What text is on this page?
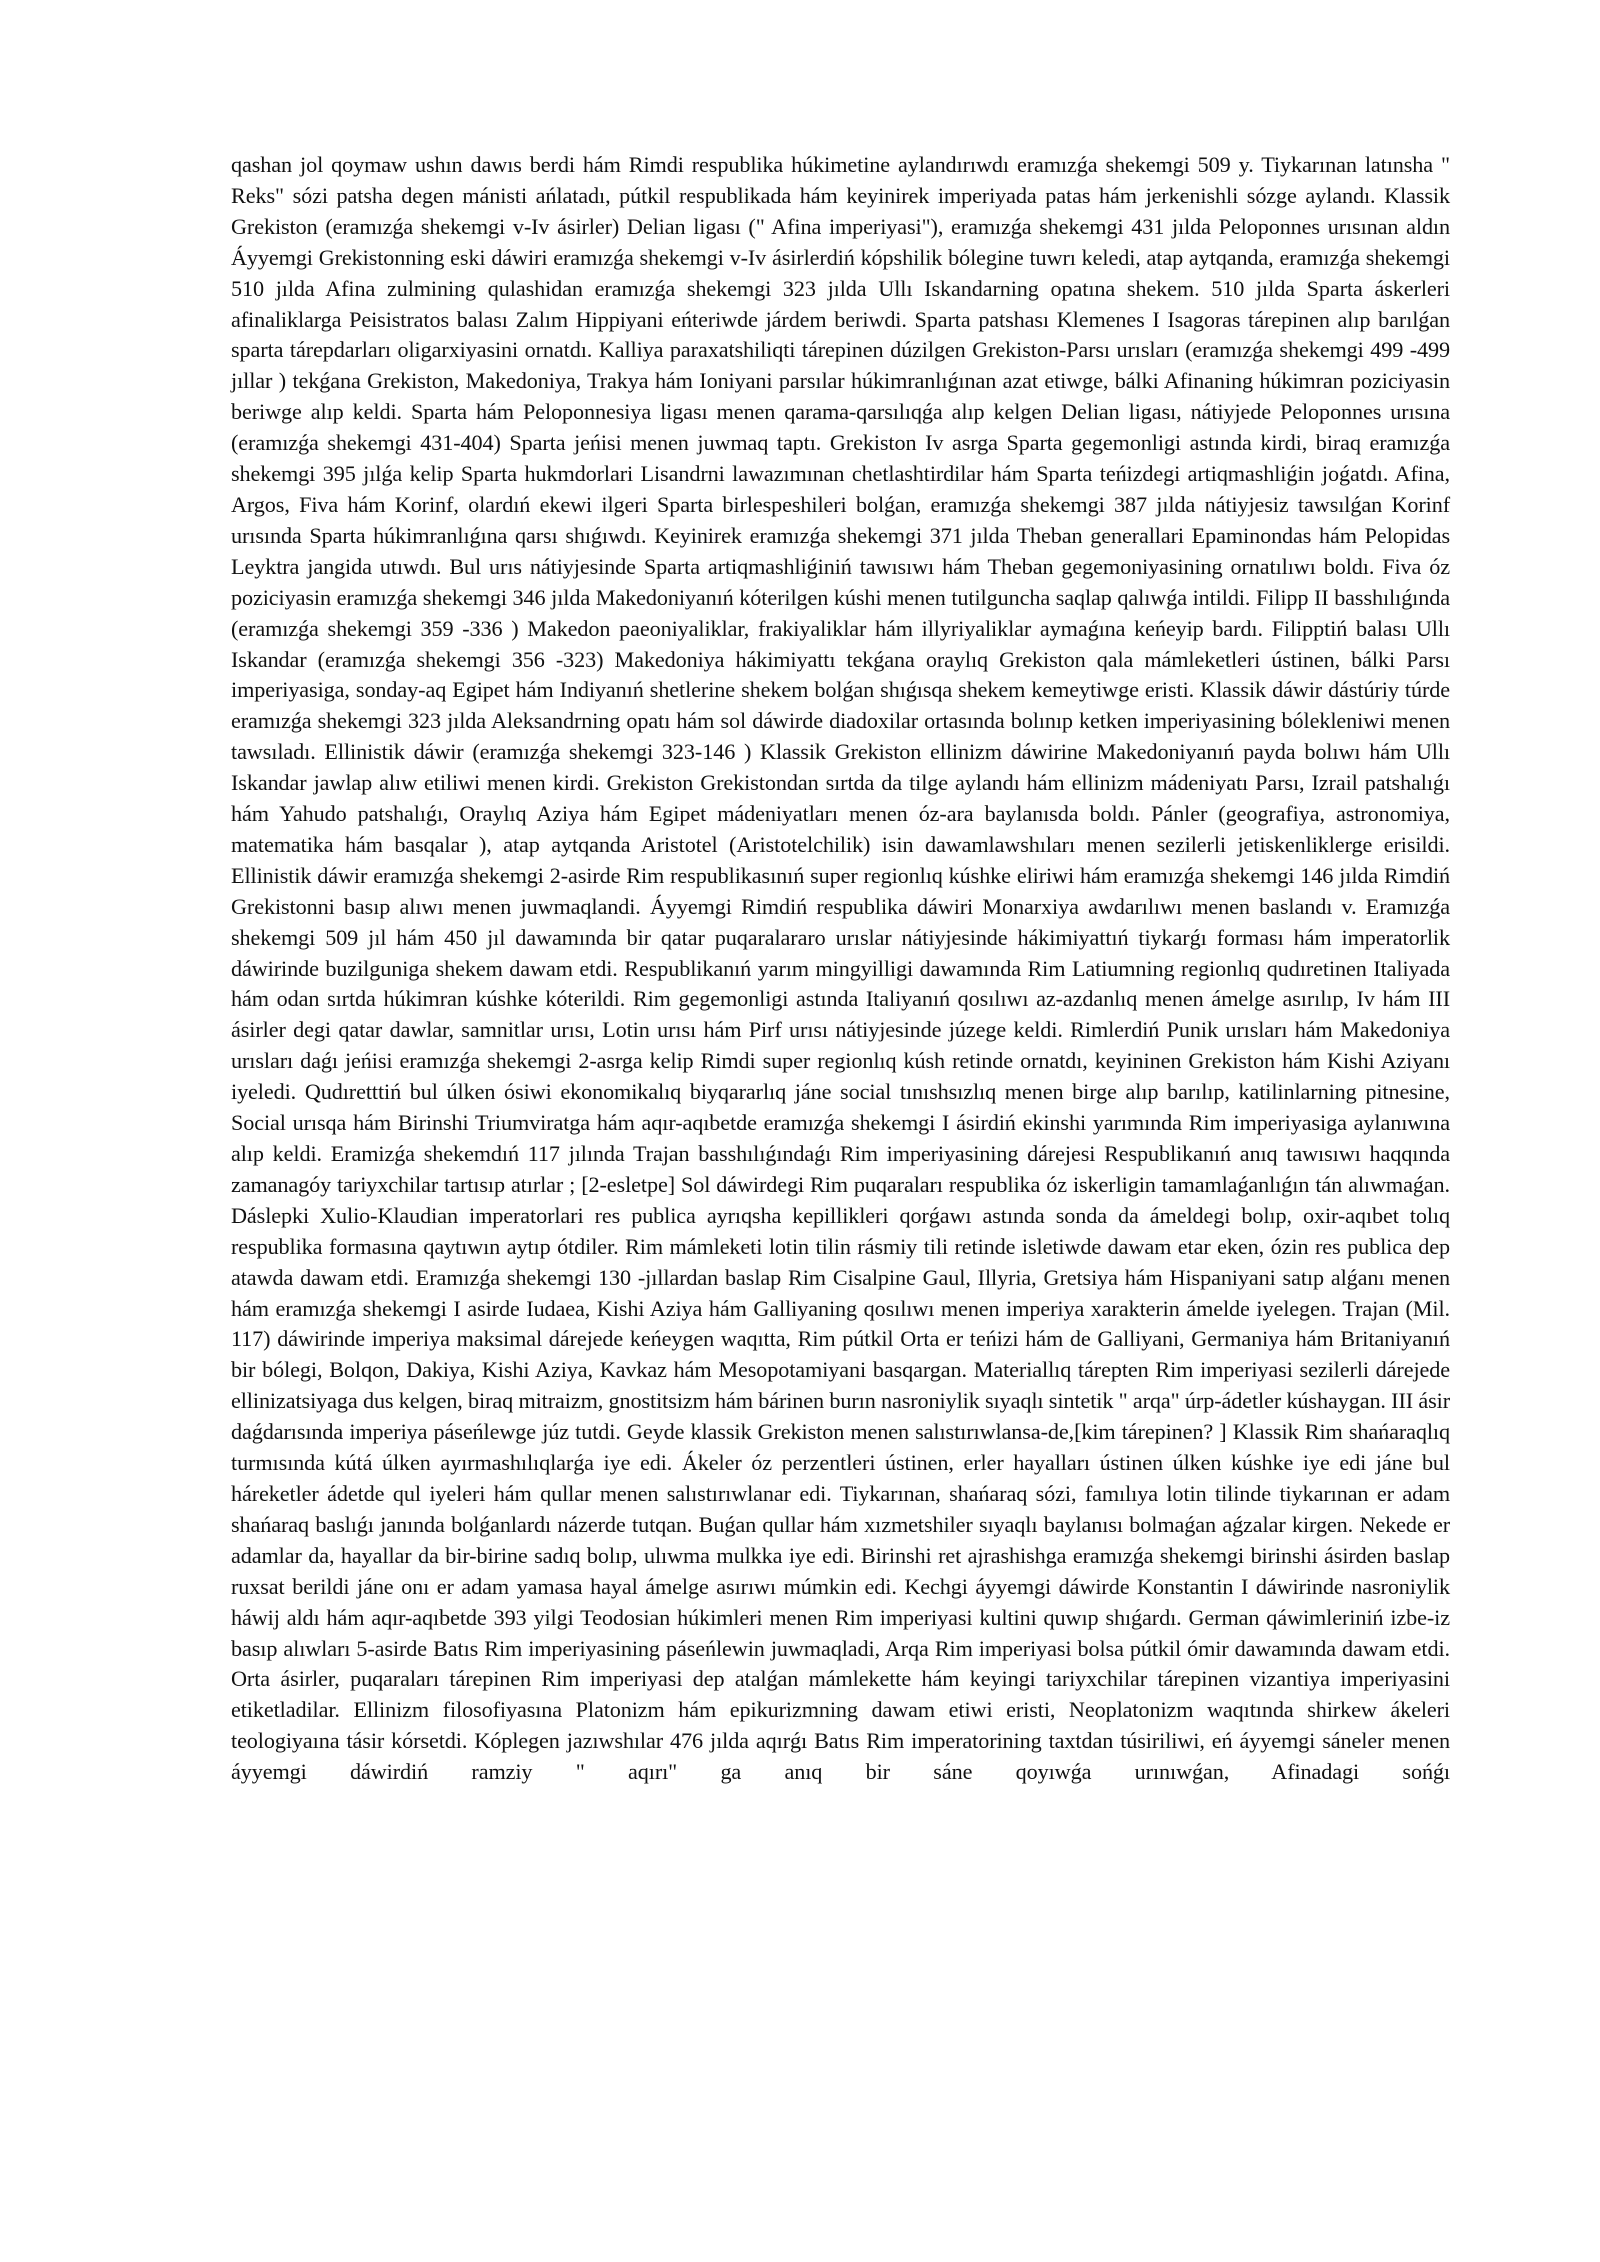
qashan jol qoymaw ushın dawıs berdi hám Rimdi respublika húkimetine aylandırıwdı eramızǵa shekemgi 509 y. Tiykarınan latınsha " Reks" sózi patsha degen mánisti ańlatadı, pútkil respublikada hám keyinirek imperiyada patas hám jerkenishli sózge aylandı. Klassik Grekiston (eramızǵa shekemgi v-Iv ásirler) Delian ligası (" Afina imperiyasi"), eramızǵa shekemgi 431 jılda Peloponnes urısınan aldın Áyyemgi Grekistonning eski dáwiri eramızǵa shekemgi v-Iv ásirlerdiń kópshilik bólegine tuwrı keledi, atap aytqanda, eramızǵa shekemgi 510 jılda Afina zulmining qulashidan eramızǵa shekemgi 323 jılda Ullı Iskandarning opatına shekem. 510 jılda Sparta áskerleri afinaliklarga Peisistratos balası Zalım Hippiyani eńteriwde járdem beriwdi. Sparta patshası Klemenes I Isagoras tárepinen alıp barılǵan sparta tárepdarları oligarxiyasini ornatdı. Kalliya paraxatshiliqti tárepinen dúzilgen Grekiston-Parsı urısları (eramızǵa shekemgi 499 -499 jıllar ) tekǵana Grekiston, Makedoniya, Trakya hám Ioniyani parsılar húkimranlıǵınan azat etiwge, bálki Afinaning húkimran poziciyasin beriwge alıp keldi. Sparta hám Peloponnesiya ligası menen qarama-qarsılıqǵa alıp kelgen Delian ligası, nátiyjede Peloponnes urısına (eramızǵa shekemgi 431-404) Sparta jeńisi menen juwmaq taptı. Grekiston Iv asrga Sparta gegemonligi astında kirdi, biraq eramızǵa shekemgi 395 jılǵa kelip Sparta hukmdorlari Lisandrni lawazımınan chetlashtirdilar hám Sparta teńizdegi artiqmashliǵin joǵatdı. Afina, Argos, Fiva hám Korinf, olardıń ekewi ilgeri Sparta birlespeshileri bolǵan, eramızǵa shekemgi 387 jılda nátiyjesiz tawsılǵan Korinf urısında Sparta húkimranlıǵına qarsı shıǵıwdı. Keyinirek eramızǵa shekemgi 371 jılda Theban generallari Epaminondas hám Pelopidas Leyktra jangida utıwdı. Bul urıs nátiyjesinde Sparta artiqmashliǵiniń tawısıwı hám Theban gegemoniyasining ornatılıwı boldı. Fiva óz poziciyasin eramızǵa shekemgi 346 jılda Makedoniyanıń kóterilgen kúshi menen tutilguncha saqlap qalıwǵa intildi. Filipp II basshılıǵında (eramızǵa shekemgi 359 -336 ) Makedon paeoniyaliklar, frakiyaliklar hám illyriyaliklar aymaǵına keńeyip bardı. Filipptiń balası Ullı Iskandar (eramızǵa shekemgi 356 -323) Makedoniya hákimiyattı tekǵana oraylıq Grekiston qala mámleketleri ústinen, bálki Parsı imperiyasiga, sonday-aq Egipet hám Indiyanıń shetlerine shekem bolǵan shıǵısqa shekem kemeytiwge eristi. Klassik dáwir dástúriy túrde eramızǵa shekemgi 323 jılda Aleksandrning opatı hám sol dáwirde diadoxilar ortasında bolınıp ketken imperiyasining bólekleniwi menen tawsıladı. Ellinistik dáwir (eramızǵa shekemgi 323-146 ) Klassik Grekiston ellinizm dáwirine Makedoniyanıń payda bolıwı hám Ullı Iskandar jawlap alıw etiliwi menen kirdi. Grekiston Grekistondan sırtda da tilge aylandı hám ellinizm mádeniyatı Parsı, Izrail patshalıǵı hám Yahudo patshalıǵı, Oraylıq Aziya hám Egipet mádeniyatları menen óz-ara baylanısda boldı. Pánler (geografiya, astronomiya, matematika hám basqalar ), atap aytqanda Aristotel (Aristotelchilik) isin dawamlawshıları menen sezilerli jetiskenliklerge erisildi. Ellinistik dáwir eramızǵa shekemgi 2-asirde Rim respublikasınıń super regionlıq kúshke eliriwi hám eramızǵa shekemgi 146 jılda Rimdiń Grekistonni basıp alıwı menen juwmaqlandi. Áyyemgi Rimdiń respublika dáwiri Monarxiya awdarılıwı menen baslandı v. Eramızǵa shekemgi 509 jıl hám 450 jıl dawamında bir qatar puqaralararo urıslar nátiyjesinde hákimiyattıń tiykarǵı forması hám imperatorlik dáwirinde buzilguniga shekem dawam etdi. Respublikanıń yarım mingyilligi dawamında Rim Latiumning regionlıq qudıretinen Italiyada hám odan sırtda húkimran kúshke kóterildi. Rim gegemonligi astında Italiyanıń qosılıwı az-azdanlıq menen ámelge asırılıp, Iv hám III ásirler degi qatar dawlar, samnitlar urısı, Lotin urısı hám Pirf urısı nátiyjesinde júzege keldi. Rimlerdiń Punik urısları hám Makedoniya urısları daǵı jeńisi eramızǵa shekemgi 2-asrga kelip Rimdi super regionlıq kúsh retinde ornatdı, keyininen Grekiston hám Kishi Aziyanı iyeledi. Qudıretttiń bul úlken ósiwi ekonomikalıq biyqararlıq jáne social tınıshsızlıq menen birge alıp barılıp, katilinlarning pitnesine, Social urısqa hám Birinshi Triumviratga hám aqır-aqıbetde eramızǵa shekemgi I ásirdiń ekinshi yarımında Rim imperiyasiga aylanıwına alıp keldi. Eramizǵa shekemdıń 117 jılında Trajan basshılıǵındaǵı Rim imperiyasining dárejesi Respublikanıń anıq tawısıwı haqqında zamanagóy tariyxchilar tartısıp atırlar ; [2-esletpe] Sol dáwirdegi Rim puqaraları respublika óz iskerligin tamamlaǵanlıǵın tán alıwmaǵan. Dáslepki Xulio-Klaudian imperatorlari res publica ayrıqsha kepillikleri qorǵawı astında sonda da ámeldegi bolıp, oxir-aqıbet tolıq respublika formasına qaytıwın aytıp ótdiler. Rim mámleketi lotin tilin rásmiy tili retinde isletiwde dawam etar eken, ózin res publica dep atawda dawam etdi. Eramızǵa shekemgi 130 -jıllardan baslap Rim Cisalpine Gaul, Illyria, Gretsiya hám Hispaniyani satıp alǵanı menen hám eramızǵa shekemgi I asirde Iudaea, Kishi Aziya hám Galliyaning qosılıwı menen imperiya xarakterin ámelde iyelegen. Trajan (Mil. 117) dáwirinde imperiya maksimal dárejede keńeygen waqıtta, Rim pútkil Orta er teńizi hám de Galliyani, Germaniya hám Britaniyanıń bir bólegi, Bolqon, Dakiya, Kishi Aziya, Kavkaz hám Mesopotamiyani basqargan. Materiallıq tárepten Rim imperiyasi sezilerli dárejede ellinizatsiyaga dus kelgen, biraq mitraizm, gnostitsizm hám bárinen burın nasroniylik sıyaqlı sintetik " arqa" úrp-ádetler kúshaygan. III ásir daǵdarısında imperiya páseńlewge júz tutdi. Geyde klassik Grekiston menen salıstırıwlansa-de,[kim tárepinen? ] Klassik Rim shańaraqlıq turmısında kútá úlken ayırmashılıqlarǵa iye edi. Ákeler óz perzentleri ústinen, erler hayalları ústinen úlken kúshke iye edi jáne bul háreketler ádetde qul iyeleri hám qullar menen salıstırıwlanar edi. Tiykarınan, shańaraq sózi, famılıya lotin tilinde tiykarınan er adam shańaraq baslıǵı janında bolǵanlardı názerde tutqan. Buǵan qullar hám xızmetshiler sıyaqlı baylanısı bolmaǵan aǵzalar kirgen. Nekede er adamlar da, hayallar da bir-birine sadıq bolıp, ulıwma mulkka iye edi. Birinshi ret ajrashishga eramızǵa shekemgi birinshi ásirden baslap ruxsat berildi jáne onı er adam yamasa hayal ámelge asırıwı múmkin edi. Kechgi áyyemgi dáwirde Konstantin I dáwirinde nasroniylik háwij aldı hám aqır-aqıbetde 393 yilgi Teodosian húkimleri menen Rim imperiyasi kultini quwıp shıǵardı. German qáwimleriniń izbe-iz basıp alıwları 5-asirde Batıs Rim imperiyasining páseńlewin juwmaqladi, Arqa Rim imperiyasi bolsa pútkil ómir dawamında dawam etdi. Orta ásirler, puqaraları tárepinen Rim imperiyasi dep atalǵan mámlekette hám keyingi tariyxchilar tárepinen vizantiya imperiyasini etiketladilar. Ellinizm filosofiyasına Platonizm hám epikurizmning dawam etiwi eristi, Neoplatonizm waqıtında shirkew ákeleri teologiyaına tásir kórsetdi. Kóplegen jazıwshılar 476 jılda aqırǵı Batıs Rim imperatorining taxtdan túsiriliwi, eń áyyemgi sáneler menen áyyemgi dáwirdiń ramziy " aqırı" ga anıq bir sáne qoyıwǵa urınıwǵan, Afinadagi sońǵı
